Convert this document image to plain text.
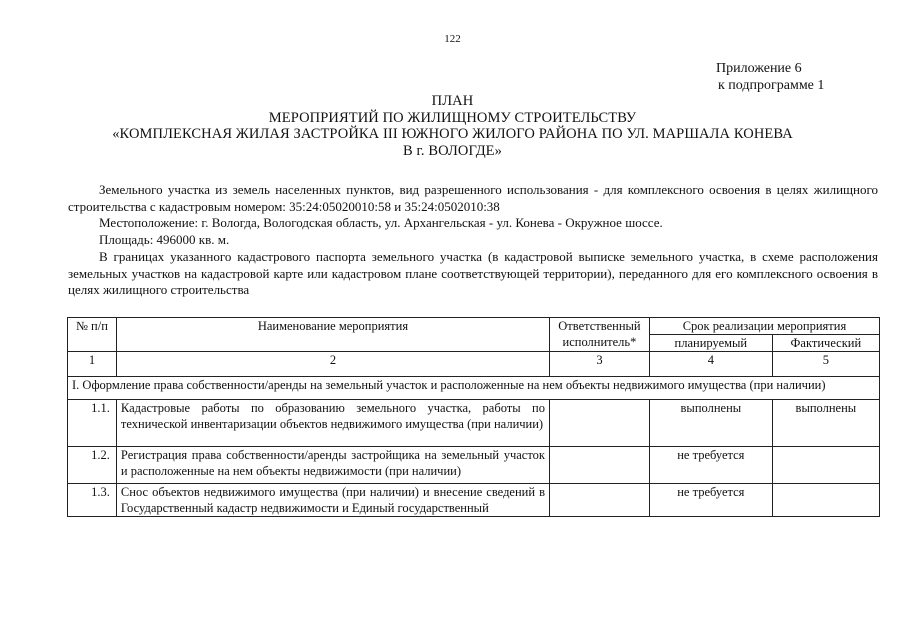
122
Приложение 6
к подпрограмме 1
ПЛАН
МЕРОПРИЯТИЙ ПО ЖИЛИЩНОМУ СТРОИТЕЛЬСТВУ
«КОМПЛЕКСНАЯ ЖИЛАЯ ЗАСТРОЙКА III ЮЖНОГО ЖИЛОГО РАЙОНА ПО УЛ. МАРШАЛА КОНЕВА
В г. ВОЛОГДЕ»

Земельного участка из земель населенных пунктов, вид разрешенного использования - для комплексного освоения в целях жилищного строительства с кадастровым номером: 35:24:05020010:58 и 35:24:0502010:38

Местоположение: г. Вологда, Вологодская область, ул. Архангельская - ул. Конева - Окружное шоссе.

Площадь: 496000 кв. м.

В границах указанного кадастрового паспорта земельного участка (в кадастровой выписке земельного участка, в схеме расположения земельных участков на кадастровой карте или кадастровом плане соответствующей территории), переданного для его комплексного освоения в целях жилищного строительства

№ п/п	Наименование мероприятия	Ответственный исполнитель*	Срок реализации мероприятия	
			планируемый	Фактический
1	2	3	4	5
I. Оформление права собственности/аренды на земельный участок и расположенные на нем объекты недвижимого имущества (при наличии)				
1.1.	Кадастровые работы по образованию земельного участка, работы по технической инвентаризации объектов недвижимого имущества (при наличии)		выполнены	выполнены
1.2.	Регистрация права собственности/аренды застройщика на земельный участок и расположенные на нем объекты недвижимости (при наличии)		не требуется	
1.3.	Снос объектов недвижимого имущества (при наличии) и внесение сведений в Государственный кадастр недвижимости и Единый государственный		не требуется	
